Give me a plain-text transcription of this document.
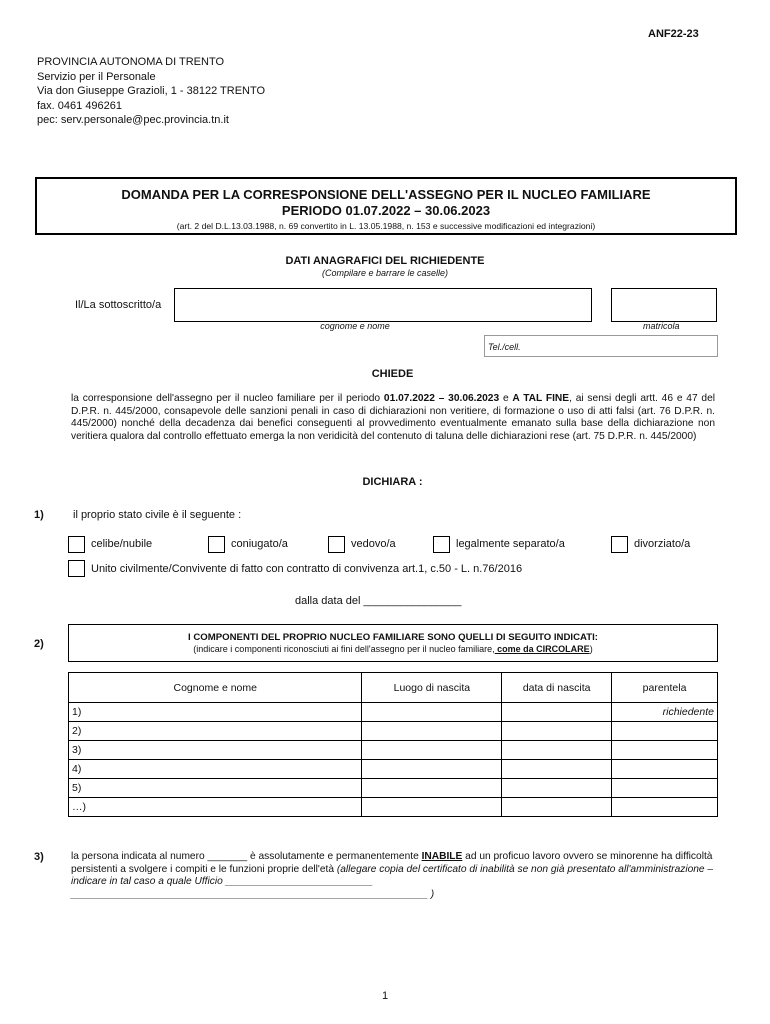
ANF22-23
PROVINCIA AUTONOMA DI TRENTO
Servizio per il Personale
Via don Giuseppe Grazioli, 1 - 38122 TRENTO
fax. 0461 496261
pec: serv.personale@pec.provincia.tn.it
DOMANDA PER LA CORRESPONSIONE DELL'ASSEGNO PER IL NUCLEO FAMILIARE
PERIODO 01.07.2022 – 30.06.2023
(art. 2 del D.L.13.03.1988, n. 69 convertito in L. 13.05.1988, n. 153 e successive modificazioni ed integrazioni)
DATI ANAGRAFICI DEL RICHIEDENTE
(Compilare e barrare le caselle)
Il/La sottoscritto/a
cognome e nome	matricola
Tel./cell.
CHIEDE
la corresponsione dell'assegno per il nucleo familiare per il periodo 01.07.2022 – 30.06.2023 e A TAL FINE, ai sensi degli artt. 46 e 47 del D.P.R. n. 445/2000, consapevole delle sanzioni penali in caso di dichiarazioni non veritiere, di formazione o uso di atti falsi (art. 76 D.P.R. n. 445/2000) nonché della decadenza dai benefici conseguenti al provvedimento eventualmente emanato sulla base della dichiarazione non veritiera qualora dal controllo effettuato emerga la non veridicità del contenuto di taluna delle dichiarazioni rese (art. 75 D.P.R. n. 445/2000)
DICHIARA :
1)	il proprio stato civile è il seguente :
celibe/nubile	coniugato/a	vedovo/a	legalmente separato/a	divorziato/a
Unito civilmente/Convivente di fatto con contratto di convivenza art.1, c.50 - L. n.76/2016
dalla data del ________________
2)
I COMPONENTI DEL PROPRIO NUCLEO FAMILIARE SONO QUELLI DI SEGUITO INDICATI:
(indicare i componenti riconosciuti ai fini dell'assegno per il nucleo familiare, come da CIRCOLARE)
Cognome e nome	Luogo di nascita	data di nascita	parentela
1)			richiedente
2)			
3)			
4)			
5)			
…)			
3)	la persona indicata al numero _______ è assolutamente e permanentemente INABILE ad un proficuo lavoro ovvero se minorenne ha difficoltà persistenti a svolgere i compiti e le funzioni proprie dell'età (allegare copia del certificato di inabilità se non già presentato all'amministrazione – indicare in tal caso a quale Ufficio __________________________
_______________________________________________________________ )
1
